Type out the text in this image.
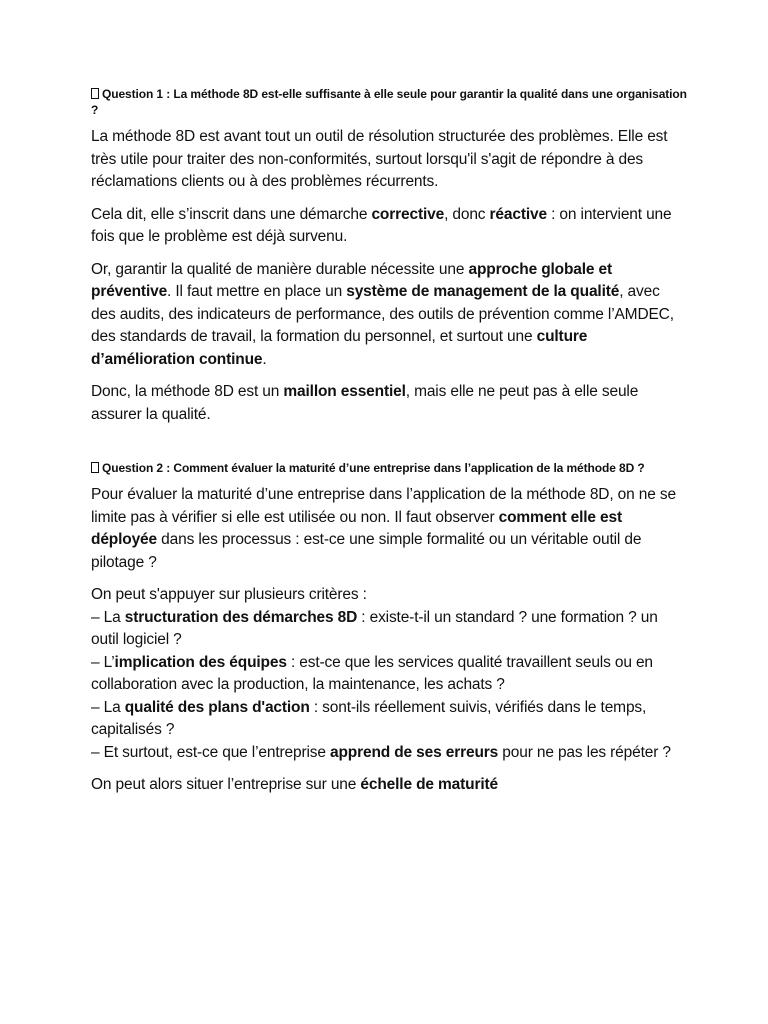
Question 1 : La méthode 8D est-elle suffisante à elle seule pour garantir la qualité dans une organisation ?

La méthode 8D est avant tout un outil de résolution structurée des problèmes. Elle est très utile pour traiter des non-conformités, surtout lorsqu'il s'agit de répondre à des réclamations clients ou à des problèmes récurrents.

Cela dit, elle s’inscrit dans une démarche corrective, donc réactive : on intervient une fois que le problème est déjà survenu.

Or, garantir la qualité de manière durable nécessite une approche globale et préventive. Il faut mettre en place un système de management de la qualité, avec des audits, des indicateurs de performance, des outils de prévention comme l’AMDEC, des standards de travail, la formation du personnel, et surtout une culture d’amélioration continue.

Donc, la méthode 8D est un maillon essentiel, mais elle ne peut pas à elle seule assurer la qualité.

Question 2 : Comment évaluer la maturité d’une entreprise dans l’application de la méthode 8D ?

Pour évaluer la maturité d’une entreprise dans l’application de la méthode 8D, on ne se limite pas à vérifier si elle est utilisée ou non. Il faut observer comment elle est déployée dans les processus : est-ce une simple formalité ou un véritable outil de pilotage ?

On peut s'appuyer sur plusieurs critères :
– La structuration des démarches 8D : existe-t-il un standard ? une formation ? un outil logiciel ?
– L’implication des équipes : est-ce que les services qualité travaillent seuls ou en collaboration avec la production, la maintenance, les achats ?
– La qualité des plans d'action : sont-ils réellement suivis, vérifiés dans le temps, capitalisés ?
– Et surtout, est-ce que l’entreprise apprend de ses erreurs pour ne pas les répéter ?

On peut alors situer l’entreprise sur une échelle de maturité
